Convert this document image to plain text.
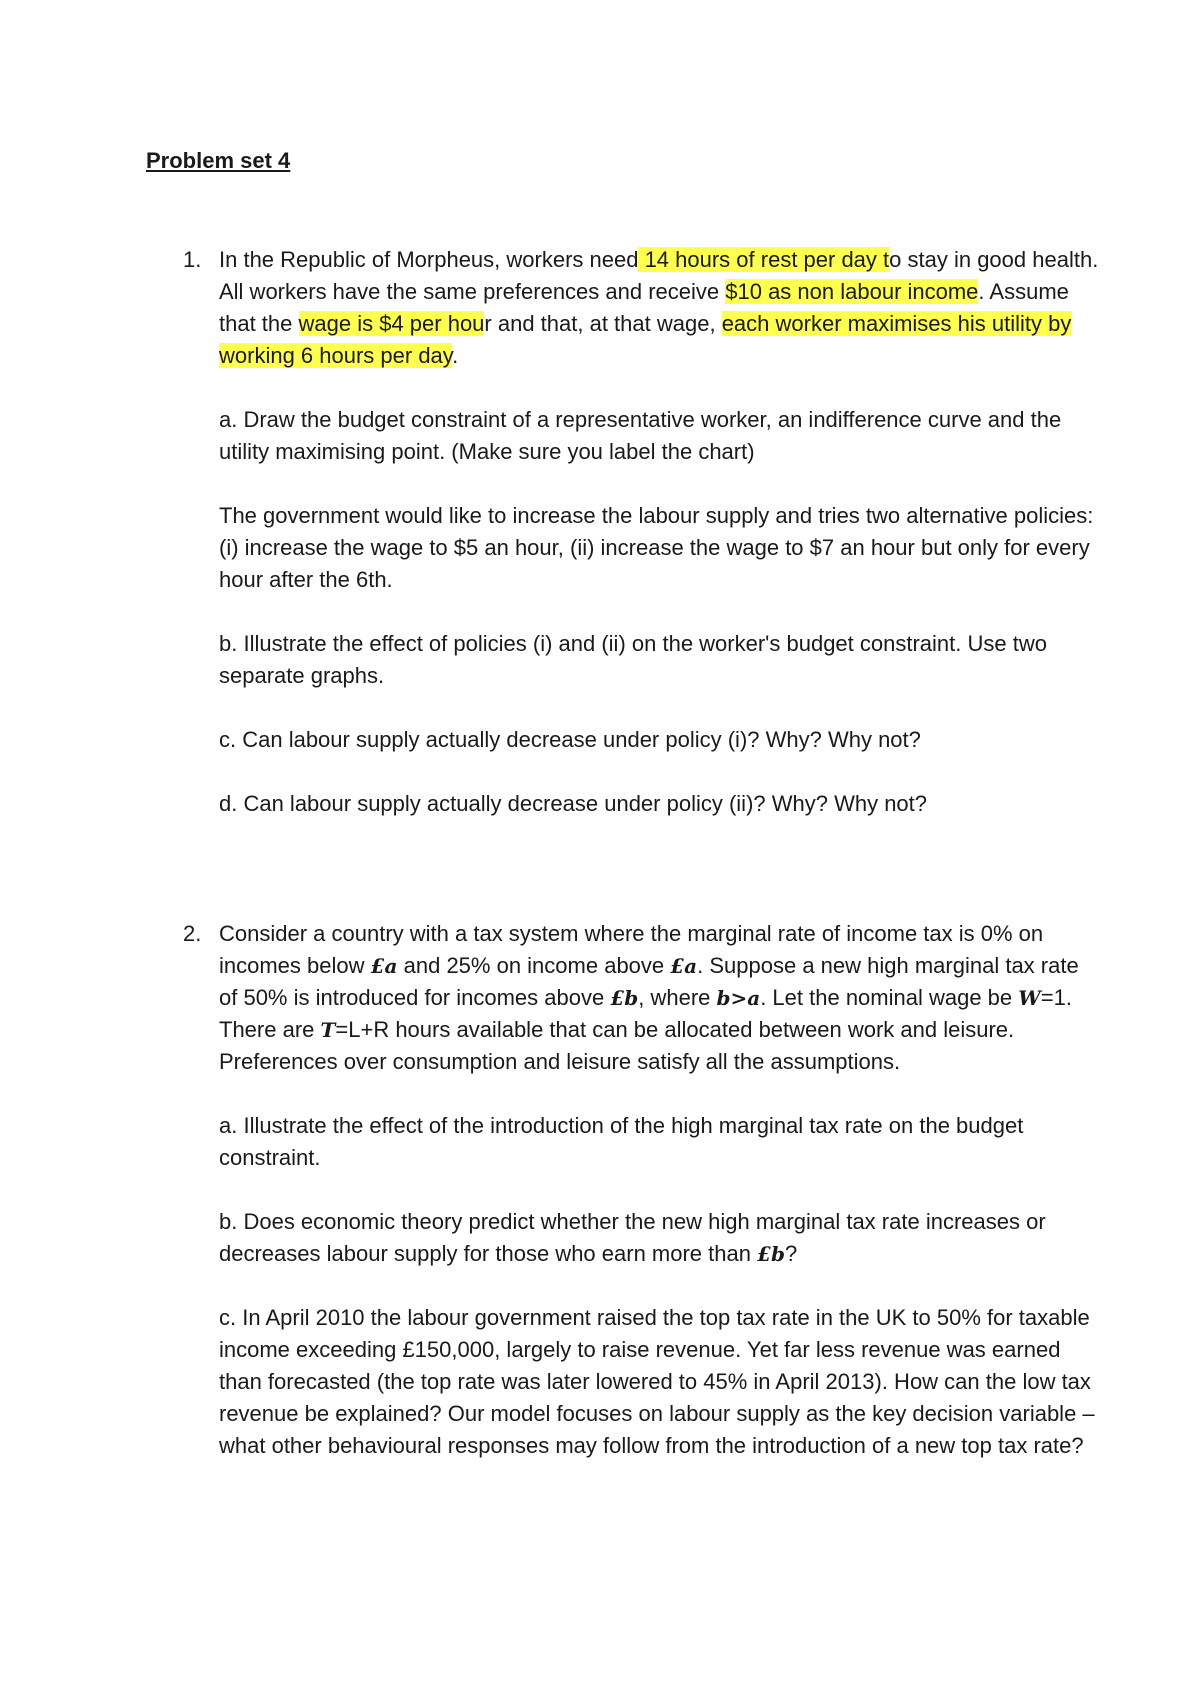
Problem set 4
1. In the Republic of Morpheus, workers need 14 hours of rest per day to stay in good health. All workers have the same preferences and receive $10 as non labour income. Assume that the wage is $4 per hour and that, at that wage, each worker maximises his utility by working 6 hours per day.

a. Draw the budget constraint of a representative worker, an indifference curve and the utility maximising point. (Make sure you label the chart)

The government would like to increase the labour supply and tries two alternative policies: (i) increase the wage to $5 an hour, (ii) increase the wage to $7 an hour but only for every hour after the 6th.

b. Illustrate the effect of policies (i) and (ii) on the worker's budget constraint. Use two separate graphs.

c. Can labour supply actually decrease under policy (i)? Why? Why not?

d. Can labour supply actually decrease under policy (ii)? Why? Why not?

2. Consider a country with a tax system where the marginal rate of income tax is 0% on incomes below £a and 25% on income above £a. Suppose a new high marginal tax rate of 50% is introduced for incomes above £b, where b>a. Let the nominal wage be W=1. There are T=L+R hours available that can be allocated between work and leisure. Preferences over consumption and leisure satisfy all the assumptions.

a. Illustrate the effect of the introduction of the high marginal tax rate on the budget constraint.

b. Does economic theory predict whether the new high marginal tax rate increases or decreases labour supply for those who earn more than £b?

c. In April 2010 the labour government raised the top tax rate in the UK to 50% for taxable income exceeding £150,000, largely to raise revenue. Yet far less revenue was earned than forecasted (the top rate was later lowered to 45% in April 2013). How can the low tax revenue be explained? Our model focuses on labour supply as the key decision variable – what other behavioural responses may follow from the introduction of a new top tax rate?
